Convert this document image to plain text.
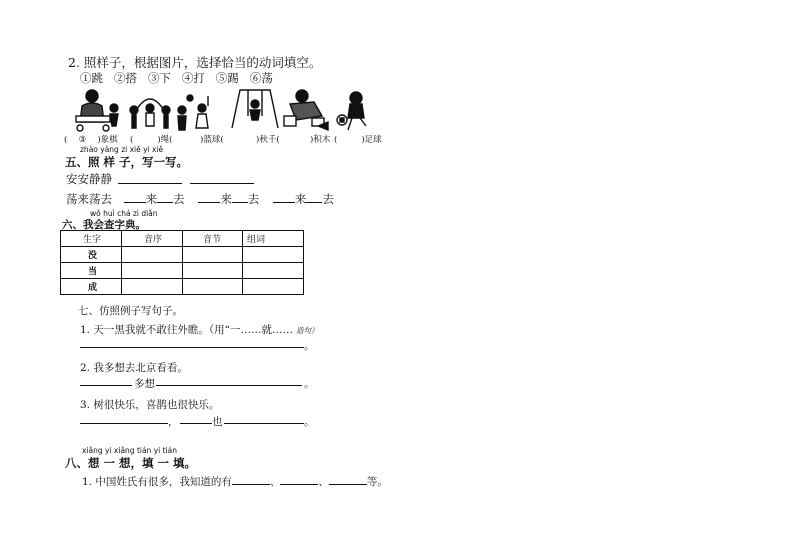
2. 照样子，根据图片，选择恰当的动词填空。
①跳 ②搭 ③下 ④打 ⑤踢 ⑥荡
( ③ )象棋 (	)绳(	)篮球(	)秋千(	)积木 (	)足球
zhào yàng zi xiě yi xiě
五、照 样 子，写一写。
安安静静
荡来荡去	来 去	来 去	来 去
wǒ huì chá zì diǎn
六、我会查字典。
生字	音序	音节	组词
没			
当			
成			
七、仿照例子写句子。
1. 天一黑我就不敢往外瞧。（用“一……就…… 造句）
。
2. 我多想去北京看看。
多想	。
3. 树很快乐，喜鹊也很快乐。
，	也	。
xiǎng yi xiǎng tián yi tián
八、想 一 想，填 一 填。
1. 中国姓氏有很多，我知道的有	、	、	等。
